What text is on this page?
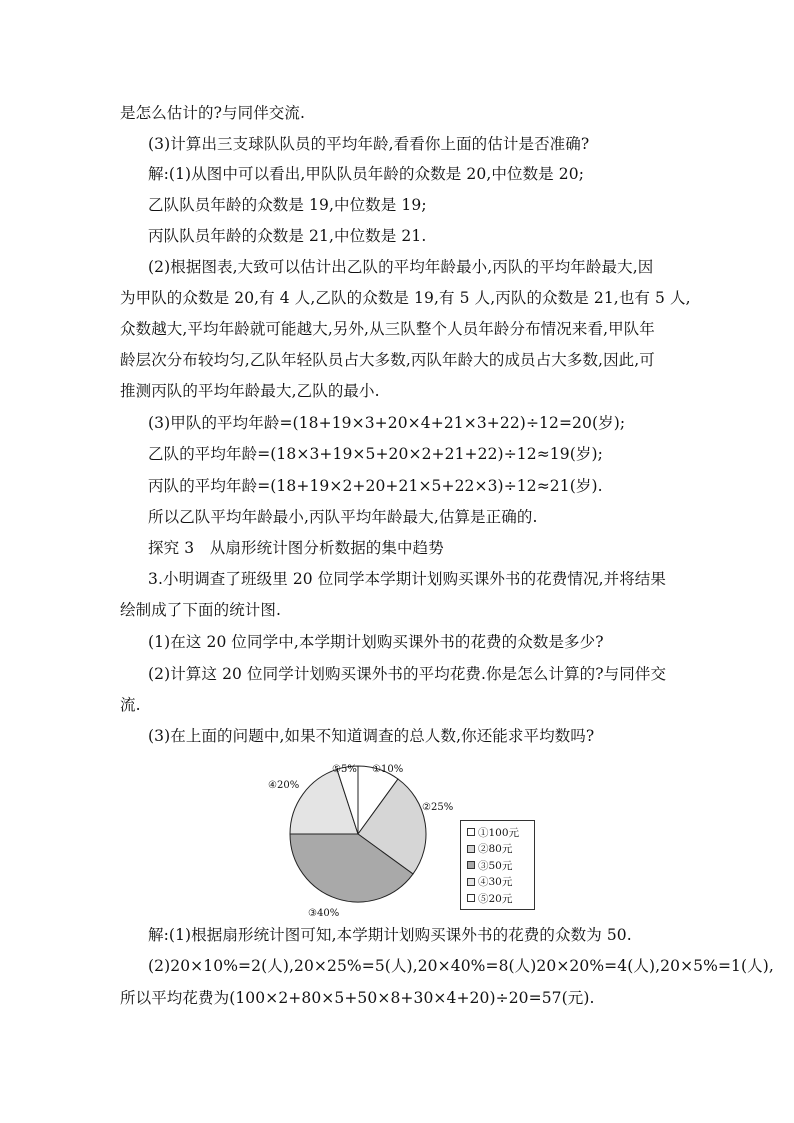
是怎么估计的?与同伴交流.
(3)计算出三支球队队员的平均年龄,看看你上面的估计是否准确?
解:(1)从图中可以看出,甲队队员年龄的众数是 20,中位数是 20;
乙队队员年龄的众数是 19,中位数是 19;
丙队队员年龄的众数是 21,中位数是 21.
(2)根据图表,大致可以估计出乙队的平均年龄最小,丙队的平均年龄最大,因
为甲队的众数是 20,有 4 人,乙队的众数是 19,有 5 人,丙队的众数是 21,也有 5 人,
众数越大,平均年龄就可能越大,另外,从三队整个人员年龄分布情况来看,甲队年
龄层次分布较均匀,乙队年轻队员占大多数,丙队年龄大的成员占大多数,因此,可
推测丙队的平均年龄最大,乙队的最小.
(3)甲队的平均年龄=(18+19×3+20×4+21×3+22)÷12=20(岁);
乙队的平均年龄=(18×3+19×5+20×2+21+22)÷12≈19(岁);
丙队的平均年龄=(18+19×2+20+21×5+22×3)÷12≈21(岁).
所以乙队平均年龄最小,丙队平均年龄最大,估算是正确的.
探究 3　从扇形统计图分析数据的集中趋势
3.小明调查了班级里 20 位同学本学期计划购买课外书的花费情况,并将结果
绘制成了下面的统计图.
(1)在这 20 位同学中,本学期计划购买课外书的花费的众数是多少?
(2)计算这 20 位同学计划购买课外书的平均花费.你是怎么计算的?与同伴交
流.
(3)在上面的问题中,如果不知道调查的总人数,你还能求平均数吗?
①10%
②25%
③40%
④20%
⑤5%
①100元
②80元
③50元
④30元
⑤20元
解:(1)根据扇形统计图可知,本学期计划购买课外书的花费的众数为 50.
(2)20×10%=2(人),20×25%=5(人),20×40%=8(人)20×20%=4(人),20×5%=1(人),
所以平均花费为(100×2+80×5+50×8+30×4+20)÷20=57(元).
